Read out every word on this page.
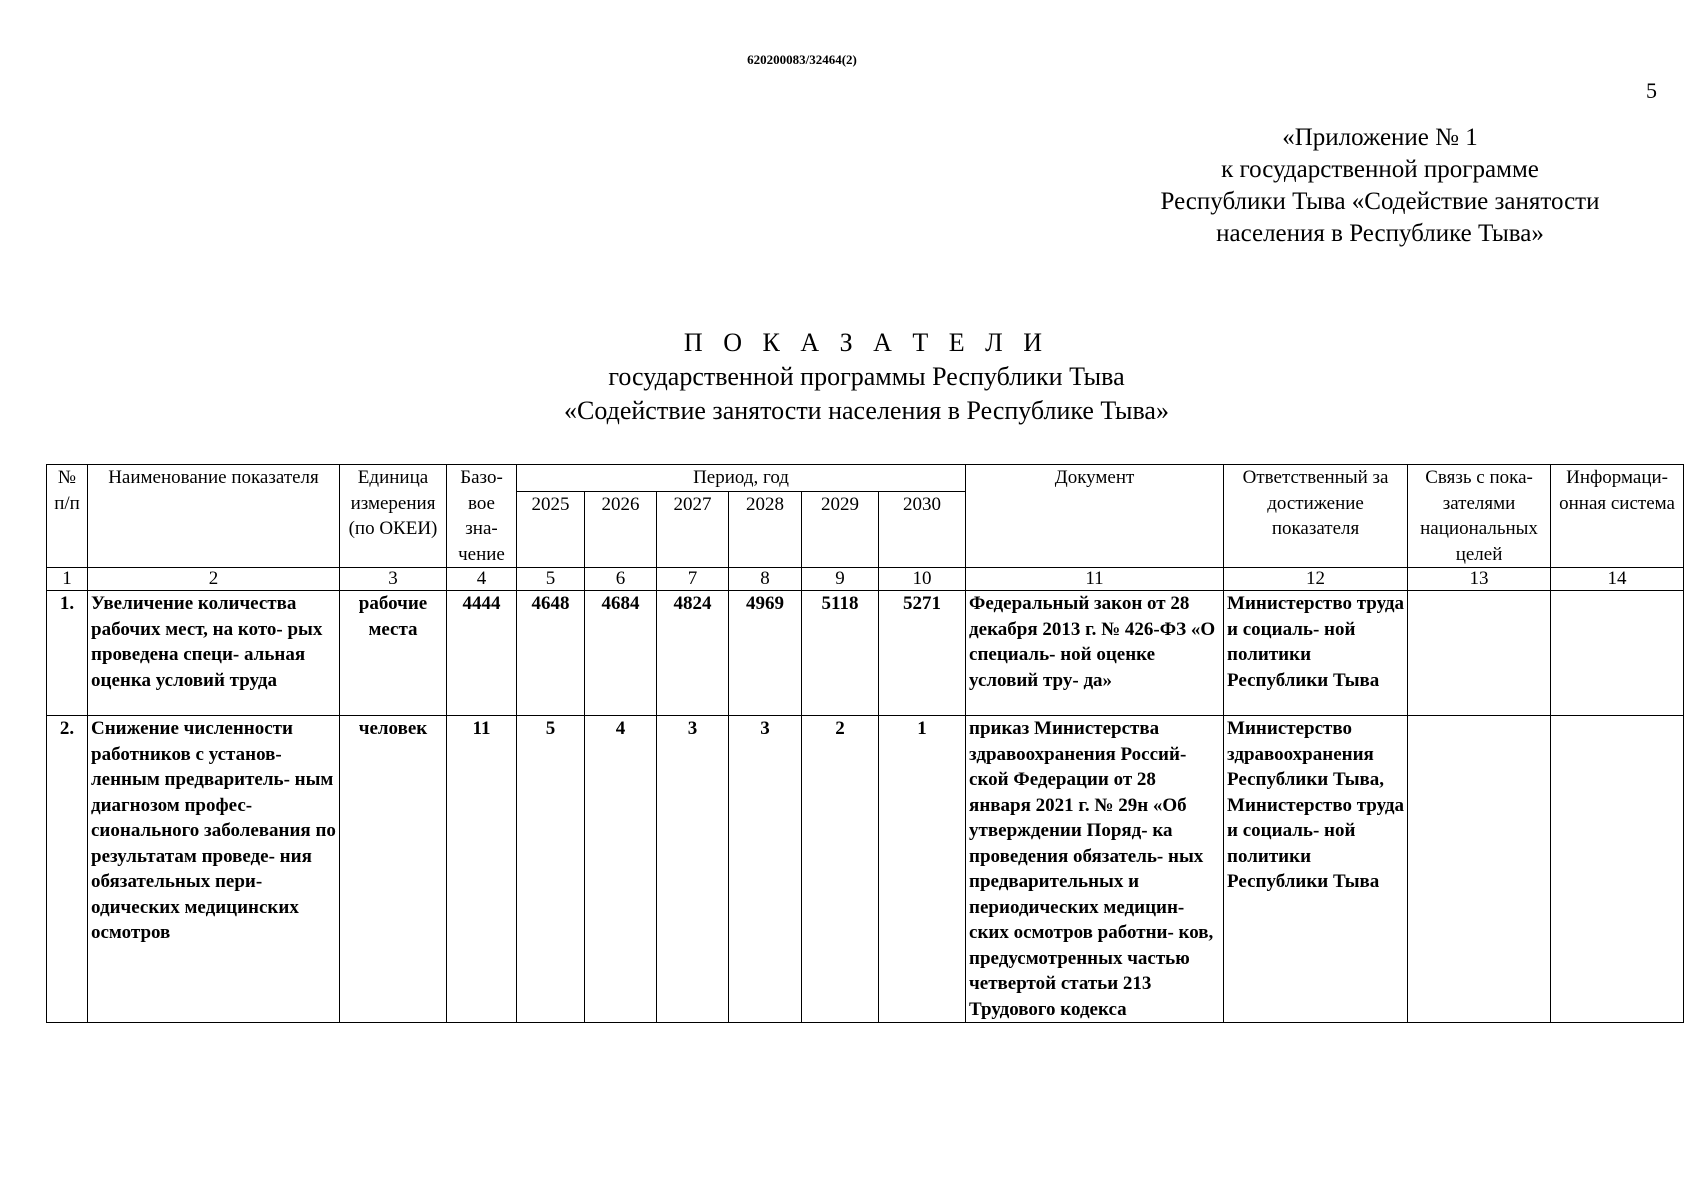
620200083/32464(2)
5
«Приложение № 1
к государственной программе
Республики Тыва «Содействие занятости
населения в Республике Тыва»
П О К А З А Т Е Л И
государственной программы Республики Тыва
«Содействие занятости населения в Республике Тыва»
№ п/п	Наименование показателя	Единица измерения (по ОКЕИ)	Базо- вое зна- чение	Период, год						Документ	Ответственный за достижение показателя	Связь с пока- зателями национальных целей	Информаци- онная система
				2025	2026	2027	2028	2029	2030				
1	2	3	4	5	6	7	8	9	10	11	12	13	14
1.	Увеличение количества рабочих мест, на кото- рых проведена специ- альная оценка условий труда	рабочие места	4444	4648	4684	4824	4969	5118	5271	Федеральный закон от 28 декабря 2013 г. № 426-ФЗ «О специаль- ной оценке условий тру- да»	Министерство труда и социаль- ной политики Республики Тыва		
2.	Снижение численности работников с установ- ленным предваритель- ным диагнозом профес- сионального заболевания по результатам проведе- ния обязательных пери- одических медицинских осмотров	человек	11	5	4	3	3	2	1	приказ Министерства здравоохранения Россий- ской Федерации от 28 января 2021 г. № 29н «Об утверждении Поряд- ка проведения обязатель- ных предварительных и периодических медицин- ских осмотров работни- ков, предусмотренных частью четвертой статьи 213 Трудового кодекса	Министерство здравоохранения Республики Тыва, Министерство труда и социаль- ной политики Республики Тыва		
